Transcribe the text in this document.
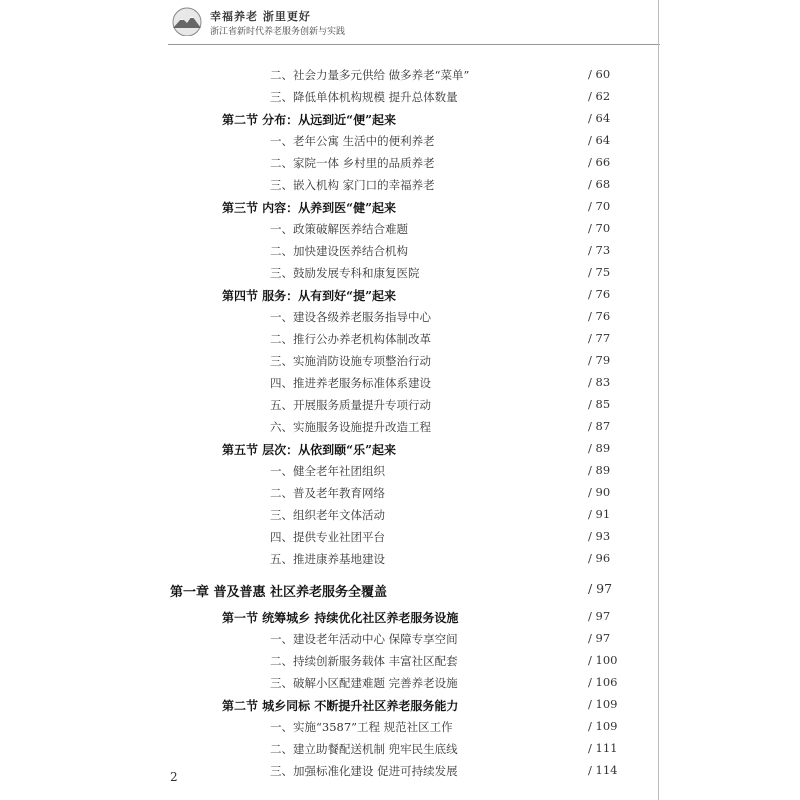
幸福养老 浙里更好
浙江省新时代养老服务创新与实践
二、社会力量多元供给 做多养老“菜单”	/ 60
三、降低单体机构规模 提升总体数量	/ 62
第二节 分布：从远到近“便”起来	/ 64
一、老年公寓 生活中的便利养老	/ 64
二、家院一体 乡村里的品质养老	/ 66
三、嵌入机构 家门口的幸福养老	/ 68
第三节 内容：从养到医“健”起来	/ 70
一、政策破解医养结合难题	/ 70
二、加快建设医养结合机构	/ 73
三、鼓励发展专科和康复医院	/ 75
第四节 服务：从有到好“提”起来	/ 76
一、建设各级养老服务指导中心	/ 76
二、推行公办养老机构体制改革	/ 77
三、实施消防设施专项整治行动	/ 79
四、推进养老服务标准体系建设	/ 83
五、开展服务质量提升专项行动	/ 85
六、实施服务设施提升改造工程	/ 87
第五节 层次：从依到颐“乐”起来	/ 89
一、健全老年社团组织	/ 89
二、普及老年教育网络	/ 90
三、组织老年文体活动	/ 91
四、提供专业社团平台	/ 93
五、推进康养基地建设	/ 96
第一章 普及普惠 社区养老服务全覆盖	/ 97
第一节 统筹城乡 持续优化社区养老服务设施	/ 97
一、建设老年活动中心 保障专享空间	/ 97
二、持续创新服务载体 丰富社区配套	/ 100
三、破解小区配建难题 完善养老设施	/ 106
第二节 城乡同标 不断提升社区养老服务能力	/ 109
一、实施“3587”工程 规范社区工作	/ 109
二、建立助餐配送机制 兜牢民生底线	/ 111
三、加强标准化建设 促进可持续发展	/ 114
2
